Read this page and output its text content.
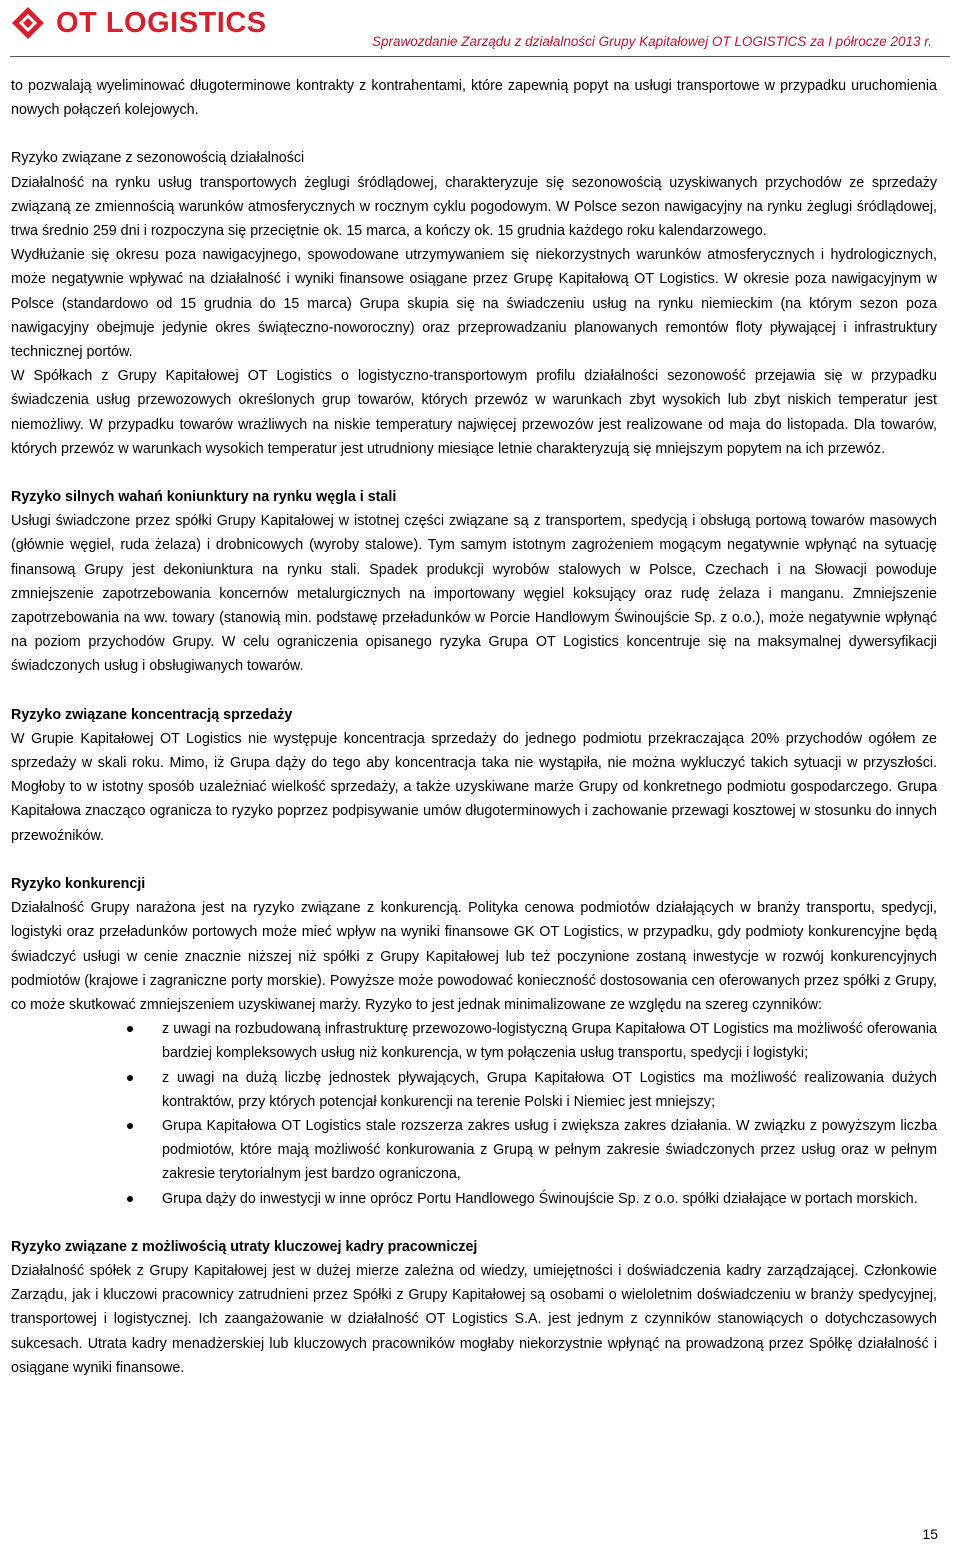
OT LOGISTICS
Sprawozdanie Zarządu z działalności Grupy Kapitałowej OT LOGISTICS za I półrocze 2013 r.

to pozwalają wyeliminować długoterminowe kontrakty z kontrahentami, które zapewnią popyt na usługi transportowe w przypadku uruchomienia nowych połączeń kolejowych.

Ryzyko związane z sezonowością działalności

Działalność na rynku usług transportowych żeglugi śródlądowej, charakteryzuje się sezonowością uzyskiwanych przychodów ze sprzedaży związaną ze zmiennością warunków atmosferycznych w rocznym cyklu pogodowym. W Polsce sezon nawigacyjny na rynku żeglugi śródlądowej, trwa średnio 259 dni i rozpoczyna się przeciętnie ok. 15 marca, a kończy ok. 15 grudnia każdego roku kalendarzowego.

Wydłużanie się okresu poza nawigacyjnego, spowodowane utrzymywaniem się niekorzystnych warunków atmosferycznych i hydrologicznych, może negatywnie wpływać na działalność i wyniki finansowe osiągane przez Grupę Kapitałową OT Logistics. W okresie poza nawigacyjnym w Polsce (standardowo od 15 grudnia do 15 marca) Grupa skupia się na świadczeniu usług na rynku niemieckim (na którym sezon poza nawigacyjny obejmuje jedynie okres świąteczno-noworoczny) oraz przeprowadzaniu planowanych remontów floty pływającej i infrastruktury technicznej portów.

W Spółkach z Grupy Kapitałowej OT Logistics o logistyczno-transportowym profilu działalności sezonowość przejawia się w przypadku świadczenia usług przewozowych określonych grup towarów, których przewóz w warunkach zbyt wysokich lub zbyt niskich temperatur jest niemożliwy. W przypadku towarów wrażliwych na niskie temperatury najwięcej przewozów jest realizowane od maja do listopada. Dla towarów, których przewóz w warunkach wysokich temperatur jest utrudniony miesiące letnie charakteryzują się mniejszym popytem na ich przewóz.

Ryzyko silnych wahań koniunktury na rynku węgla i stali

Usługi świadczone przez spółki Grupy Kapitałowej w istotnej części związane są z transportem, spedycją i obsługą portową towarów masowych (głównie węgiel, ruda żelaza) i drobnicowych (wyroby stalowe). Tym samym istotnym zagrożeniem mogącym negatywnie wpłynąć na sytuację finansową Grupy jest dekoniunktura na rynku stali. Spadek produkcji wyrobów stalowych w Polsce, Czechach i na Słowacji powoduje zmniejszenie zapotrzebowania koncernów metalurgicznych na importowany węgiel koksujący oraz rudę żelaza i manganu. Zmniejszenie zapotrzebowania na ww. towary (stanowią min. podstawę przeładunków w Porcie Handlowym Świnoujście Sp. z o.o.), może negatywnie wpłynąć na poziom przychodów Grupy. W celu ograniczenia opisanego ryzyka Grupa OT Logistics koncentruje się na maksymalnej dywersyfikacji świadczonych usług i obsługiwanych towarów.

Ryzyko związane koncentracją sprzedaży

W Grupie Kapitałowej OT Logistics nie występuje koncentracja sprzedaży do jednego podmiotu przekraczająca 20% przychodów ogółem ze sprzedaży w skali roku. Mimo, iż Grupa dąży do tego aby koncentracja taka nie wystąpiła, nie można wykluczyć takich sytuacji w przyszłości. Mogłoby to w istotny sposób uzależniać wielkość sprzedaży, a także uzyskiwane marże Grupy od konkretnego podmiotu gospodarczego. Grupa Kapitałowa znacząco ogranicza to ryzyko poprzez podpisywanie umów długoterminowych i zachowanie przewagi kosztowej w stosunku do innych przewoźników.

Ryzyko konkurencji

Działalność Grupy narażona jest na ryzyko związane z konkurencją. Polityka cenowa podmiotów działających w branży transportu, spedycji, logistyki oraz przeładunków portowych może mieć wpływ na wyniki finansowe GK OT Logistics, w przypadku, gdy podmioty konkurencyjne będą świadczyć usługi w cenie znacznie niższej niż spółki z Grupy Kapitałowej lub też poczynione zostaną inwestycje w rozwój konkurencyjnych podmiotów (krajowe i zagraniczne porty morskie). Powyższe może powodować konieczność dostosowania cen oferowanych przez spółki z Grupy, co może skutkować zmniejszeniem uzyskiwanej marży. Ryzyko to jest jednak minimalizowane ze względu na szereg czynników:

z uwagi na rozbudowaną infrastrukturę przewozowo-logistyczną Grupa Kapitałowa OT Logistics ma możliwość oferowania bardziej kompleksowych usług niż konkurencja, w tym połączenia usług transportu, spedycji i logistyki;
z uwagi na dużą liczbę jednostek pływających, Grupa Kapitałowa OT Logistics ma możliwość realizowania dużych kontraktów, przy których potencjał konkurencji na terenie Polski i Niemiec jest mniejszy;
Grupa Kapitałowa OT Logistics stale rozszerza zakres usług i zwiększa zakres działania. W związku z powyższym liczba podmiotów, które mają możliwość konkurowania z Grupą w pełnym zakresie świadczonych przez usług oraz w pełnym zakresie terytorialnym jest bardzo ograniczona,
Grupa dąży do inwestycji w inne oprócz Portu Handlowego Świnoujście Sp. z o.o. spółki działające w portach morskich.
Ryzyko związane z możliwością utraty kluczowej kadry pracowniczej

Działalność spółek z Grupy Kapitałowej jest w dużej mierze zależna od wiedzy, umiejętności i doświadczenia kadry zarządzającej. Członkowie Zarządu, jak i kluczowi pracownicy zatrudnieni przez Spółki z Grupy Kapitałowej są osobami o wieloletnim doświadczeniu w branży spedycyjnej, transportowej i logistycznej. Ich zaangażowanie w działalność OT Logistics S.A. jest jednym z czynników stanowiących o dotychczasowych sukcesach. Utrata kadry menadżerskiej lub kluczowych pracowników mogłaby niekorzystnie wpłynąć na prowadzoną przez Spółkę działalność i osiągane wyniki finansowe.

15
